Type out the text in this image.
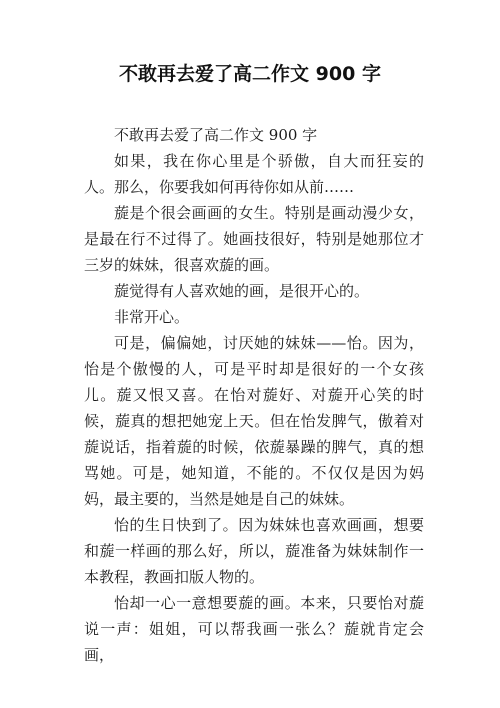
不敢再去爱了高二作文 900 字

不敢再去爱了高二作文 900 字

如果，我在你心里是个骄傲，自大而狂妄的人。那么，你要我如何再待你如从前……

蔙是个很会画画的女生。特别是画动漫少女，是最在行不过得了。她画技很好，特别是她那位才三岁的妹妹，很喜欢蔙的画。

蔙觉得有人喜欢她的画，是很开心的。

非常开心。

可是，偏偏她，讨厌她的妹妹——怡。因为，怡是个傲慢的人，可是平时却是很好的一个女孩儿。蔙又恨又喜。在怡对蔙好、对蔙开心笑的时候，蔙真的想把她宠上天。但在怡发脾气，傲着对蔙说话，指着蔙的时候，依蔙暴躁的脾气，真的想骂她。可是，她知道，不能的。不仅仅是因为妈妈，最主要的，当然是她是自己的妹妹。

怡的生日快到了。因为妹妹也喜欢画画，想要和蔙一样画的那么好，所以，蔙准备为妹妹制作一本教程，教画扣版人物的。

怡却一心一意想要蔙的画。本来，只要怡对蔙说一声：姐姐，可以帮我画一张么？蔙就肯定会画，
